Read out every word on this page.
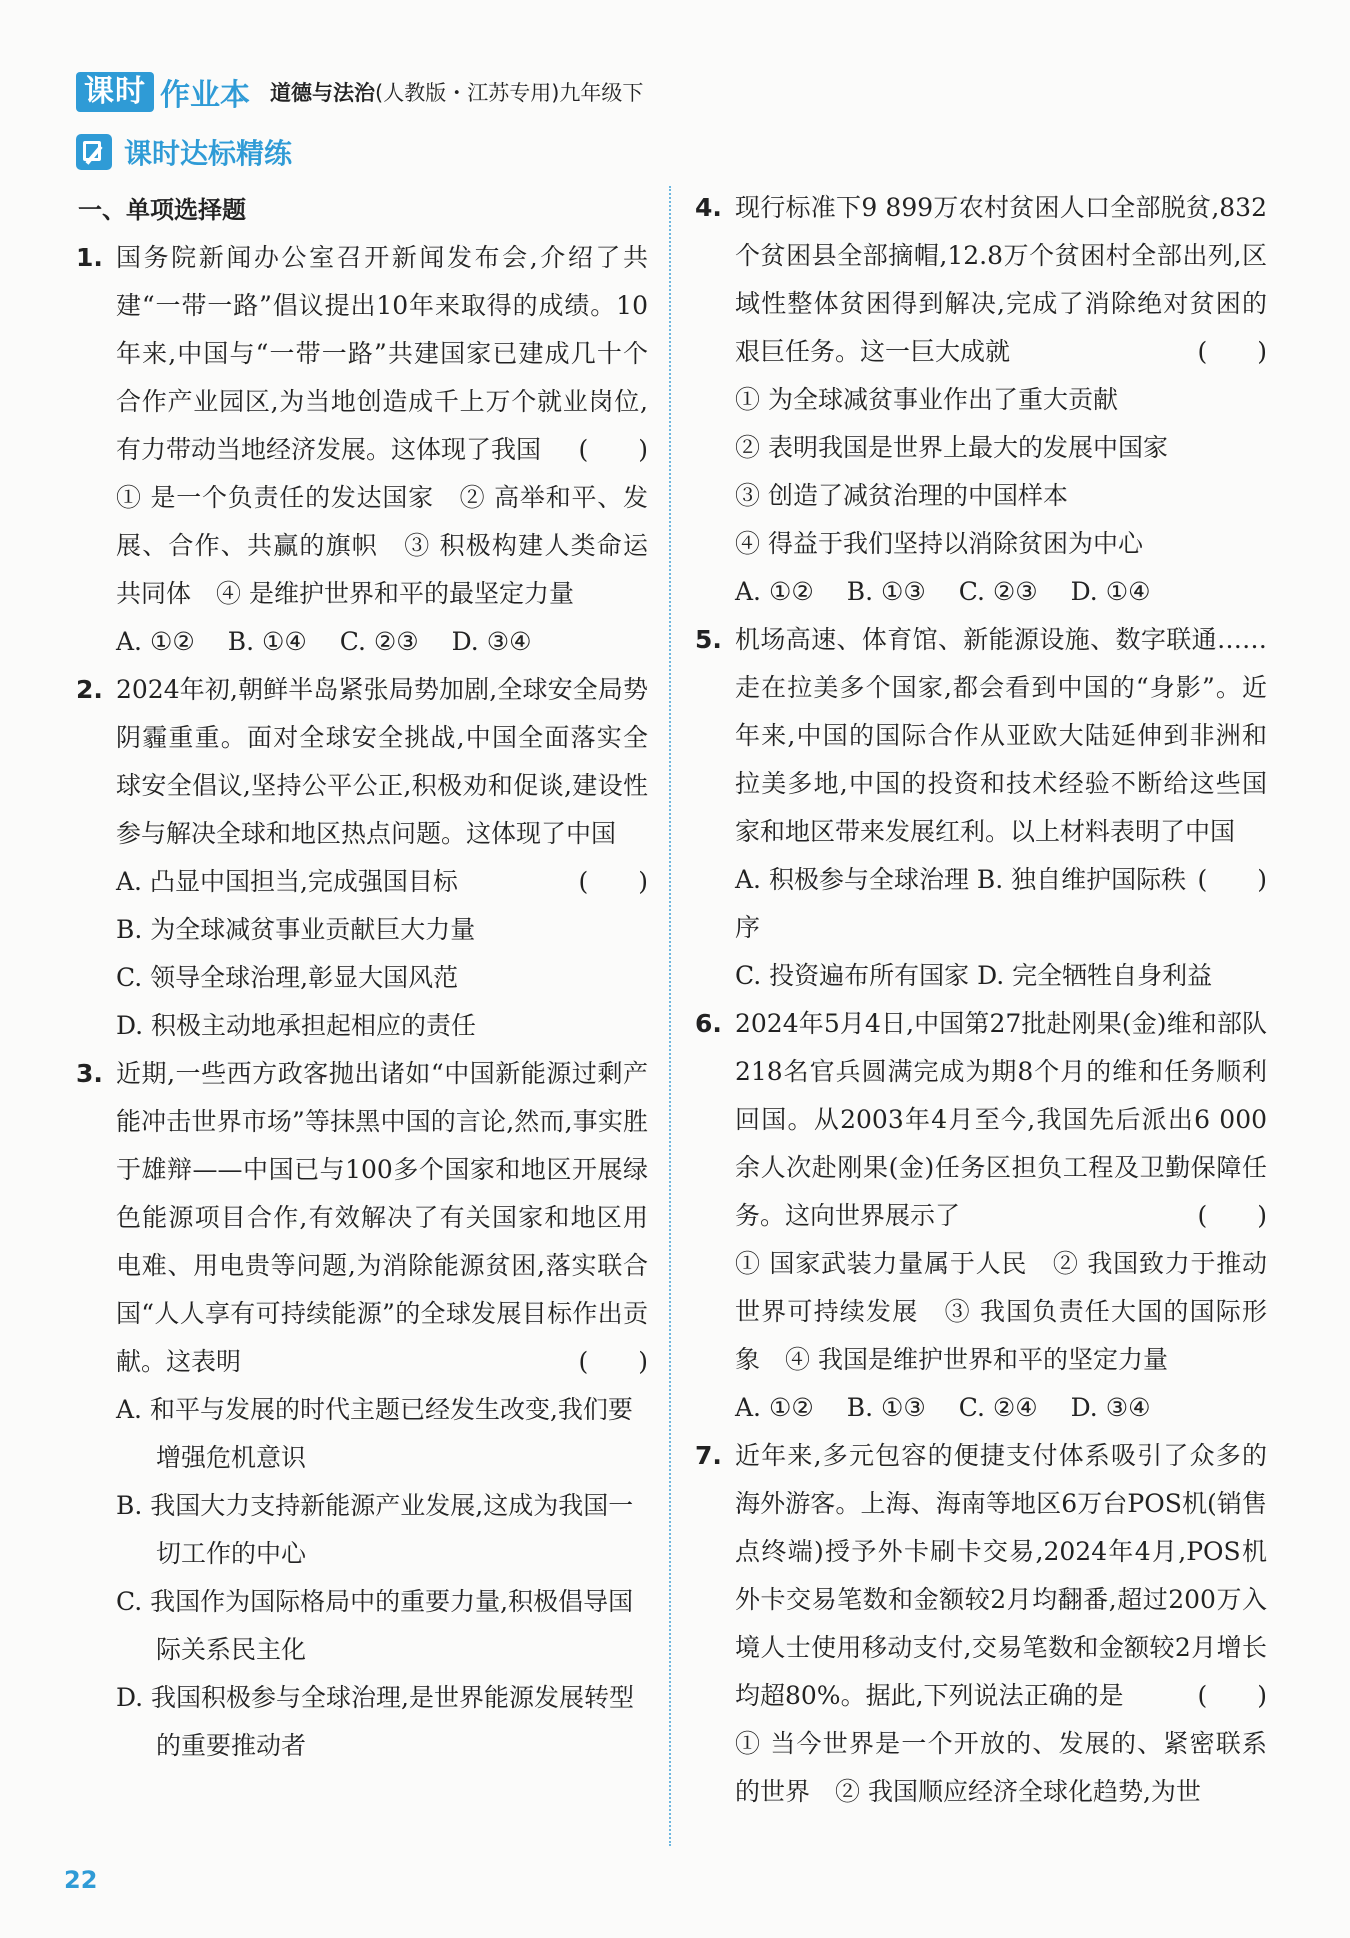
课时 作业本 道德与法治(人教版・江苏专用)九年级下
课时达标精练
一、单项选择题
1. 国务院新闻办公室召开新闻发布会,介绍了共建“一带一路”倡议提出10年来取得的成绩。10年来,中国与“一带一路”共建国家已建成几十个合作产业园区,为当地创造成千上万个就业岗位,有力带动当地经济发展。这体现了我国 (　　)
① 是一个负责任的发达国家　② 高举和平、发展、合作、共赢的旗帜　③ 积极构建人类命运共同体　④ 是维护世界和平的最坚定力量
A. ①②　 B. ①④　 C. ②③　 D. ③④
2. 2024年初,朝鲜半岛紧张局势加剧,全球安全局势阴霾重重。面对全球安全挑战,中国全面落实全球安全倡议,坚持公平公正,积极劝和促谈,建设性参与解决全球和地区热点问题。这体现了中国
(　　)
A. 凸显中国担当,完成强国目标
B. 为全球减贫事业贡献巨大力量
C. 领导全球治理,彰显大国风范
D. 积极主动地承担起相应的责任
3. 近期,一些西方政客抛出诸如“中国新能源过剩产能冲击世界市场”等抹黑中国的言论,然而,事实胜于雄辩——中国已与100多个国家和地区开展绿色能源项目合作,有效解决了有关国家和地区用电难、用电贵等问题,为消除能源贫困,落实联合国“人人享有可持续能源”的全球发展目标作出贡献。这表明	(　　)
A. 和平与发展的时代主题已经发生改变,我们要增强危机意识
B. 我国大力支持新能源产业发展,这成为我国一切工作的中心
C. 我国作为国际格局中的重要力量,积极倡导国际关系民主化
D. 我国积极参与全球治理,是世界能源发展转型的重要推动者
4. 现行标准下9 899万农村贫困人口全部脱贫,832个贫困县全部摘帽,12.8万个贫困村全部出列,区域性整体贫困得到解决,完成了消除绝对贫困的艰巨任务。这一巨大成就	(　　)
① 为全球减贫事业作出了重大贡献
② 表明我国是世界上最大的发展中国家
③ 创造了减贫治理的中国样本
④ 得益于我们坚持以消除贫困为中心
A. ①②　 B. ①③　 C. ②③　 D. ①④
5. 机场高速、体育馆、新能源设施、数字联通……走在拉美多个国家,都会看到中国的“身影”。近年来,中国的国际合作从亚欧大陆延伸到非洲和拉美多地,中国的投资和技术经验不断给这些国家和地区带来发展红利。以上材料表明了中国
(　　)
A. 积极参与全球治理 B. 独自维护国际秩序
C. 投资遍布所有国家 D. 完全牺牲自身利益
6. 2024年5月4日,中国第27批赴刚果(金)维和部队218名官兵圆满完成为期8个月的维和任务顺利回国。从2003年4月至今,我国先后派出6 000余人次赴刚果(金)任务区担负工程及卫勤保障任务。这向世界展示了	(　　)
① 国家武装力量属于人民　② 我国致力于推动世界可持续发展　③ 我国负责任大国的国际形象　④ 我国是维护世界和平的坚定力量
A. ①②　 B. ①③　 C. ②④　 D. ③④
7. 近年来,多元包容的便捷支付体系吸引了众多的海外游客。上海、海南等地区6万台POS机(销售点终端)授予外卡刷卡交易,2024年4月,POS机外卡交易笔数和金额较2月均翻番,超过200万入境人士使用移动支付,交易笔数和金额较2月增长均超80%。据此,下列说法正确的是	(　　)
① 当今世界是一个开放的、发展的、紧密联系的世界　② 我国顺应经济全球化趋势,为世
22
